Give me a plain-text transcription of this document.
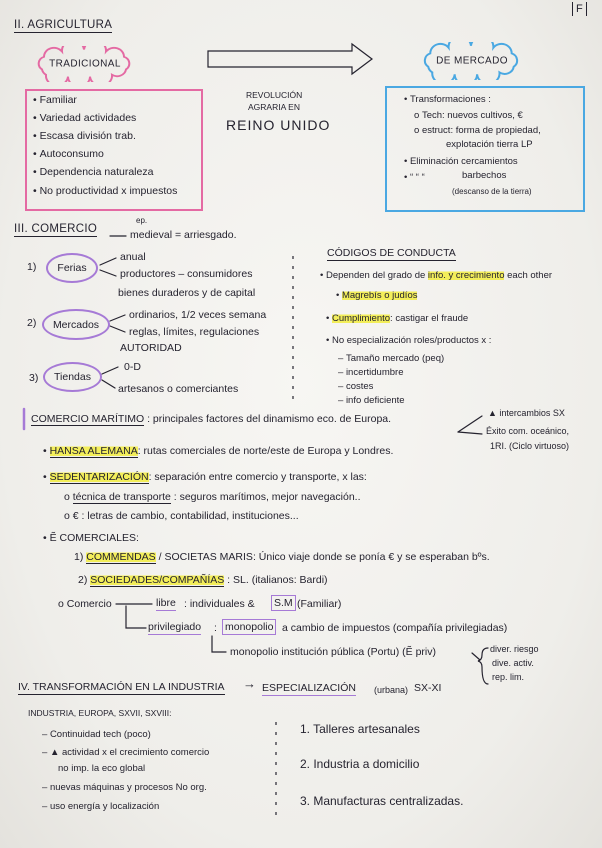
F
II. AGRICULTURA
TRADICIONAL
• Familiar
• Variedad actividades
• Escasa división trab.
• Autoconsumo
• Dependencia naturaleza
• No productividad x impuestos
REVOLUCIÓN
AGRARIA EN
REINO UNIDO
DE MERCADO
• Transformaciones :
o Tech: nuevos cultivos, €
o estruct: forma de propiedad,
explotación tierra LP
• Eliminación cercamientos
• “ “ “	barbechos
(descanso de la tierra)
III. COMERCIO
ep.
medieval = arriesgado.
1)	Ferias
anual
productores – consumidores
bienes duraderos y de capital
2)	Mercados
ordinarios, 1/2 veces semana
reglas, límites, regulaciones
AUTORIDAD
3)	Tiendas
0-D
artesanos o comerciantes
CÓDIGOS DE CONDUCTA
• Dependen del grado de info. y crecimiento each other
• Magrebís o judíos
• Cumplimiento: castigar el fraude
• No especialización roles/productos x :
– Tamaño mercado (peq)
– incertidumbre
– costes
– info deficiente
COMERCIO MARÍTIMO : principales factores del dinamismo eco. de Europa.	▲ intercambios SX
Éxito com. oceánico,
1RI. (Ciclo virtuoso)
• HANSA ALEMANA: rutas comerciales de norte/este de Europa y Londres.
• SEDENTARIZACIÓN: separación entre comercio y transporte, x las:
o técnica de transporte : seguros marítimos, mejor navegación..
o € : letras de cambio, contabilidad, instituciones...
• Ẽ COMERCIALES:
1) COMMENDAS / SOCIETAS MARIS: Único viaje donde se ponía € y se esperaban bºs.
2) SOCIEDADES/COMPAÑÍAS : SL. (italianos: Bardi)
o Comercio	libre : individuales & S.M (Familiar)
privilegiado : monopolio a cambio de impuestos (compañía privilegiadas)
monopolio institución pública (Portu) (Ẽ priv)	diver. riesgo
dive. activ.
rep. lim.
IV. TRANSFORMACIÓN EN LA INDUSTRIA → ESPECIALIZACIÓN (urbana) SX-XI
INDUSTRIA, EUROPA, SXVII, SXVIII:
– Continuidad tech (poco)
– ▲ actividad x el crecimiento comercio
no imp. la eco global
– nuevas máquinas y procesos No org.
– uso energía y localización
1. Talleres artesanales
2. Industria a domicilio
3. Manufacturas centralizadas.
